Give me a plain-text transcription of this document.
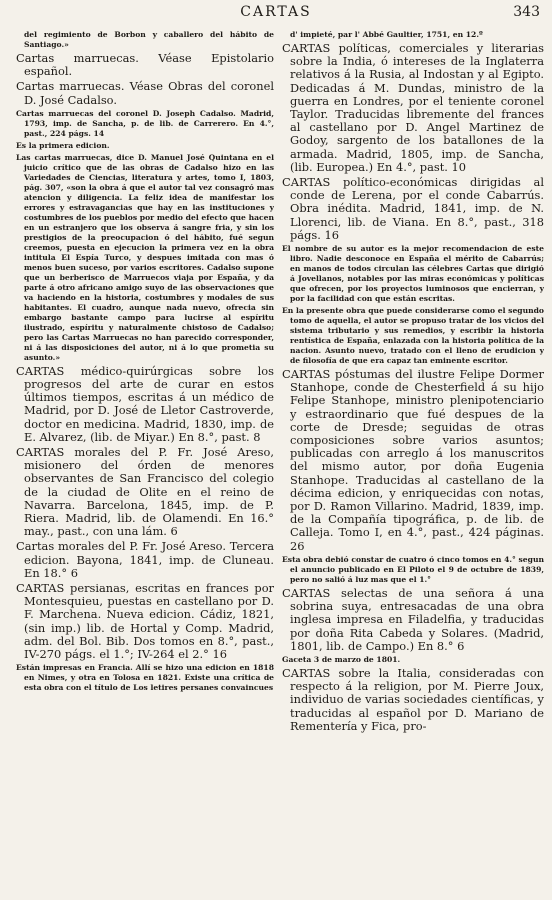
CARTAS	343

del regimiento de Borbon y caballero del hábito de Santiago.»

Cartas marruecas. Véase Epistolario español.

Cartas marruecas. Véase Obras del coronel D. José Cadalso.

Cartas marruecas del coronel D. Joseph Cadalso. Madrid, 1793, imp. de Sancha, p. de lib. de Carrerero. En 4.°, past., 224 págs. 14

Es la primera edicion.

Las cartas marruecas, dice D. Manuel José Quintana en el juicio crítico que de las obras de Cadalso hizo en las Variedades de Ciencias, literatura y artes, tomo I, 1803, pág. 307, «son la obra á que el autor tal vez consagró mas atencion y diligencia. La feliz idea de manifestar los errores y estravagancias que hay en las instituciones y costumbres de los pueblos por medio del efecto que hacen en un estranjero que los observa á sangre fria, y sin los prestigios de la preocupacion ó del hábito, fué segun creemos, puesta en ejecucion la primera vez en la obra intitula El Espía Turco, y despues imitada con mas ó menos buen suceso, por varios escritores. Cadalso supone que un berberisco de Marruecos viaja por España, y da parte á otro africano amigo suyo de las observaciones que va haciendo en la historia, costumbres y modales de sus habitantes. El cuadro, aunque nada nuevo, ofrecia sin embargo bastante campo para lucirse al espíritu ilustrado, espíritu y naturalmente chistoso de Cadalso; pero las Cartas Marruecas no han parecido corresponder, ni á las disposiciones del autor, ni á lo que prometia su asunto.»

CARTAS médico-quirúrgicas sobre los progresos del arte de curar en estos últimos tiempos, escritas á un médico de Madrid, por D. José de Lletor Castroverde, doctor en medicina. Madrid, 1830, imp. de E. Alvarez, (lib. de Miyar.) En 8.°, past. 8

CARTAS morales del P. Fr. José Areso, misionero del órden de menores observantes de San Francisco del colegio de la ciudad de Olite en el reino de Navarra. Barcelona, 1845, imp. de P. Riera. Madrid, lib. de Olamendi. En 16.° may., past., con una lám. 6

Cartas morales del P. Fr. José Areso. Tercera edicion. Bayona, 1841, imp. de Cluneau. En 18.° 6

CARTAS persianas, escritas en frances por Montesquieu, puestas en castellano por D. F. Marchena. Nueva edicion. Cádiz, 1821, (sin imp.) lib. de Hortal y Comp. Madrid, adm. del Bol. Bib. Dos tomos en 8.°, past., IV-270 págs. el 1.°; IV-264 el 2.° 16

Están impresas en Francia. Allí se hizo una edicion en 1818 en Nimes, y otra en Tolosa en 1821. Existe una crítica de esta obra con el título de Los letires persanes convaincues

d' impieté, par l' Abbé Gaultier, 1751, en 12.º

CARTAS políticas, comerciales y literarias sobre la India, ó intereses de la Inglaterra relativos á la Rusia, al Indostan y al Egipto. Dedicadas á M. Dundas, ministro de la guerra en Londres, por el teniente coronel Taylor. Traducidas libremente del frances al castellano por D. Angel Martinez de Godoy, sargento de los batallones de la armada. Madrid, 1805, imp. de Sancha, (lib. Europea.) En 4.°, past. 10

CARTAS político-económicas dirigidas al conde de Lerena, por el conde Cabarrús. Obra inédita. Madrid, 1841, imp. de N. Llorenci, lib. de Viana. En 8.°, past., 318 págs. 16

El nombre de su autor es la mejor recomendacion de este libro. Nadie desconoce en España el mérito de Cabarrús; en manos de todos circulan las célebres Cartas que dirigió á Jovellanos, notables por las miras económicas y políticas que ofrecen, por los proyectos luminosos que encierran, y por la facilidad con que están escritas.

En la presente obra que puede considerarse como el segundo tomo de aquella, el autor se propuso tratar de los vicios del sistema tributario y sus remedios, y escribir la historia rentística de España, enlazada con la historia política de la nacion. Asunto nuevo, tratado con el lleno de erudicion y de filosofía de que era capaz tan eminente escritor.

CARTAS póstumas del ilustre Felipe Dormer Stanhope, conde de Chesterfield á su hijo Felipe Stanhope, ministro plenipotenciario y estraordinario que fué despues de la corte de Dresde; seguidas de otras composiciones sobre varios asuntos; publicadas con arreglo á los manuscritos del mismo autor, por doña Eugenia Stanhope. Traducidas al castellano de la décima edicion, y enriquecidas con notas, por D. Ramon Villarino. Madrid, 1839, imp. de la Compañía tipográfica, p. de lib. de Calleja. Tomo I, en 4.°, past., 424 páginas. 26

Esta obra debió constar de cuatro ó cinco tomos en 4.° segun el anuncio publicado en El Piloto el 9 de octubre de 1839, pero no salió á luz mas que el 1.°

CARTAS selectas de una señora á una sobrina suya, entresacadas de una obra inglesa impresa en Filadelfia, y traducidas por doña Rita Cabeda y Solares. (Madrid, 1801, lib. de Campo.) En 8.° 6

Gaceta 3 de marzo de 1801.

CARTAS sobre la Italia, consideradas con respecto á la religion, por M. Pierre Joux, individuo de varias sociedades científicas, y traducidas al español por D. Mariano de Rementería y Fica, pro-
